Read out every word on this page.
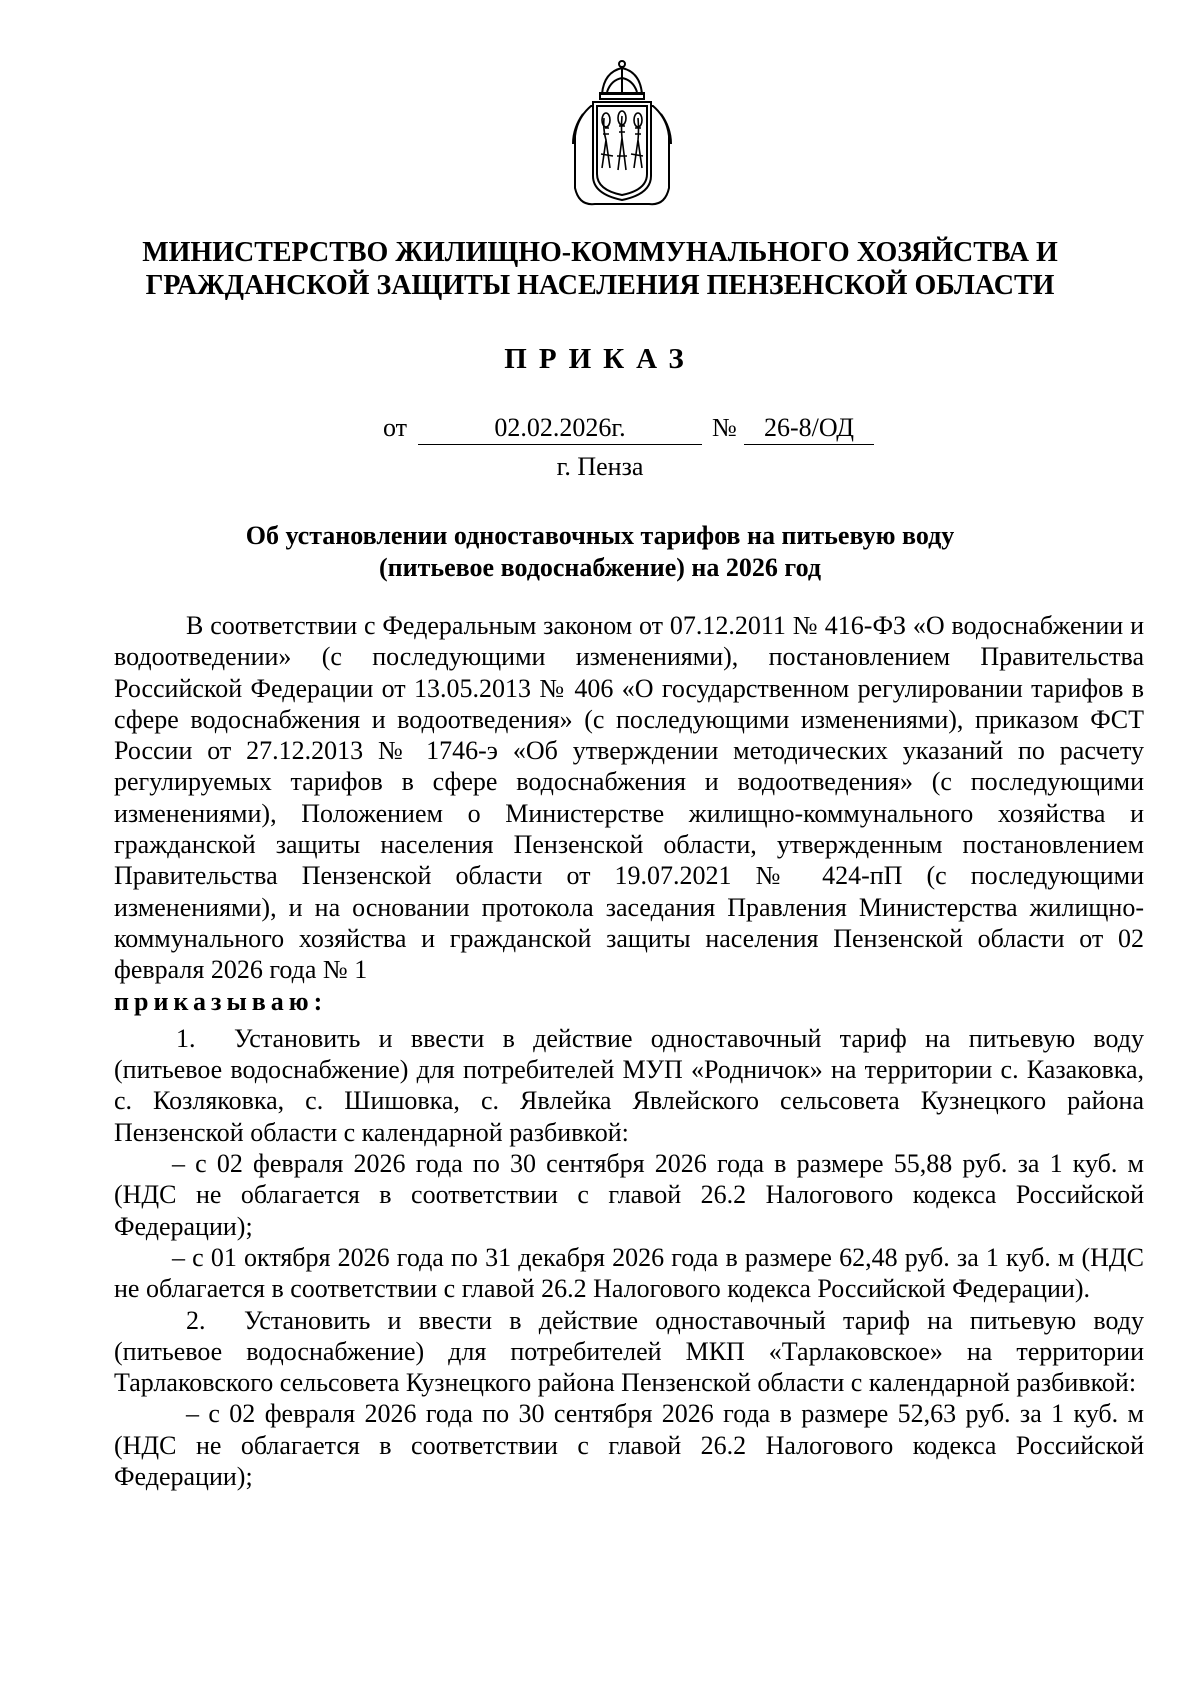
МИНИСТЕРСТВО ЖИЛИЩНО-КОММУНАЛЬНОГО ХОЗЯЙСТВА И
ГРАЖДАНСКОЙ ЗАЩИТЫ НАСЕЛЕНИЯ ПЕНЗЕНСКОЙ ОБЛАСТИ
ПРИКАЗ
от	02.02.2026г.	№	26-8/ОД
г. Пенза
Об установлении одноставочных тарифов на питьевую воду
(питьевое водоснабжение) на 2026 год

В соответствии с Федеральным законом от 07.12.2011 № 416-ФЗ «О водоснабжении и водоотведении» (с последующими изменениями), постановлением Правительства Российской Федерации от 13.05.2013 № 406 «О государственном регулировании тарифов в сфере водоснабжения и водоотведения» (с последующими изменениями), приказом ФСТ России от 27.12.2013 № 1746-э «Об утверждении методических указаний по расчету регулируемых тарифов в сфере водоснабжения и водоотведения» (с последующими изменениями), Положением о Министерстве жилищно-коммунального хозяйства и гражданской защиты населения Пензенской области, утвержденным постановлением Правительства Пензенской области от 19.07.2021 № 424-пП (с последующими изменениями), и на основании протокола заседания Правления Министерства жилищно-коммунального хозяйства и гражданской защиты населения Пензенской области от 02 февраля 2026 года № 1

приказываю:

1. Установить и ввести в действие одноставочный тариф на питьевую воду (питьевое водоснабжение) для потребителей МУП «Родничок» на территории с. Казаковка, с. Козляковка, с. Шишовка, с. Явлейка Явлейского сельсовета Кузнецкого района Пензенской области с календарной разбивкой:

– с 02 февраля 2026 года по 30 сентября 2026 года в размере 55,88 руб. за 1 куб. м (НДС не облагается в соответствии с главой 26.2 Налогового кодекса Российской Федерации);

– с 01 октября 2026 года по 31 декабря 2026 года в размере 62,48 руб. за 1 куб. м (НДС не облагается в соответствии с главой 26.2 Налогового кодекса Российской Федерации).

2. Установить и ввести в действие одноставочный тариф на питьевую воду (питьевое водоснабжение) для потребителей МКП «Тарлаковское» на территории Тарлаковского сельсовета Кузнецкого района Пензенской области с календарной разбивкой:

– с 02 февраля 2026 года по 30 сентября 2026 года в размере 52,63 руб. за 1 куб. м (НДС не облагается в соответствии с главой 26.2 Налогового кодекса Российской Федерации);
